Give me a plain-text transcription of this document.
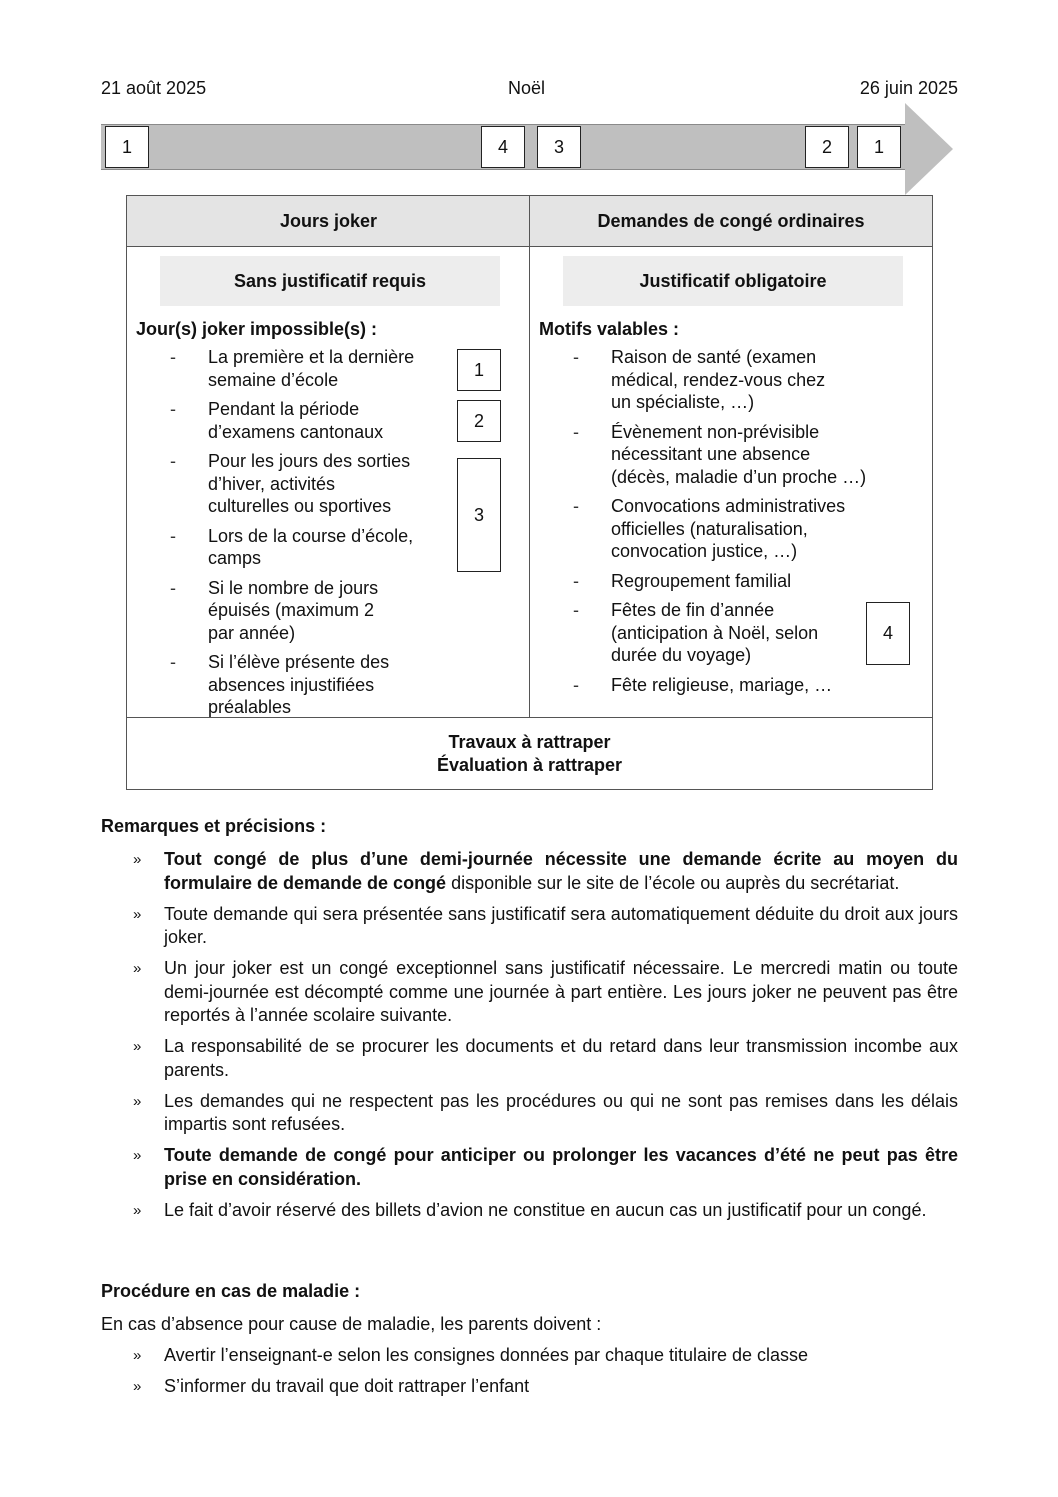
21 août 2025	Noël	26 juin 2025
1	4	3	2	1
Jours joker	Demandes de congé ordinaires
Sans justificatif requis
Jour(s) joker impossible(s) :
-	La première et la dernière
semaine d’école
-	Pendant la période
d’examens cantonaux
-	Pour les jours des sorties
d’hiver, activités
culturelles ou sportives
-	Lors de la course d’école,
camps
-	Si le nombre de jours
épuisés (maximum 2
par année)
-	Si l’élève présente des
absences injustifiées
préalables
1
2
3
Justificatif obligatoire
Motifs valables :
-	Raison de santé (examen
médical, rendez-vous chez
un spécialiste, …)
-	Évènement non-prévisible
nécessitant une absence
(décès, maladie d’un proche …)
-	Convocations administratives
officielles (naturalisation,
convocation justice, …)
-	Regroupement familial
-	Fêtes de fin d’année
(anticipation à Noël, selon
durée du voyage)
-	Fête religieuse, mariage, …
4
Travaux à rattraper
Évaluation à rattraper
Remarques et précisions :
» Tout congé de plus d’une demi-journée nécessite une demande écrite au moyen du formulaire de demande de congé disponible sur le site de l’école ou auprès du secrétariat.
» Toute demande qui sera présentée sans justificatif sera automatiquement déduite du droit aux jours joker.
» Un jour joker est un congé exceptionnel sans justificatif nécessaire. Le mercredi matin ou toute demi-journée est décompté comme une journée à part entière. Les jours joker ne peuvent pas être reportés à l’année scolaire suivante.
» La responsabilité de se procurer les documents et du retard dans leur transmission incombe aux parents.
» Les demandes qui ne respectent pas les procédures ou qui ne sont pas remises dans les délais impartis sont refusées.
» Toute demande de congé pour anticiper ou prolonger les vacances d’été ne peut pas être prise en considération.
» Le fait d’avoir réservé des billets d’avion ne constitue en aucun cas un justificatif pour un congé.
Procédure en cas de maladie :
En cas d’absence pour cause de maladie, les parents doivent :
» Avertir l’enseignant-e selon les consignes données par chaque titulaire de classe
» S’informer du travail que doit rattraper l’enfant
